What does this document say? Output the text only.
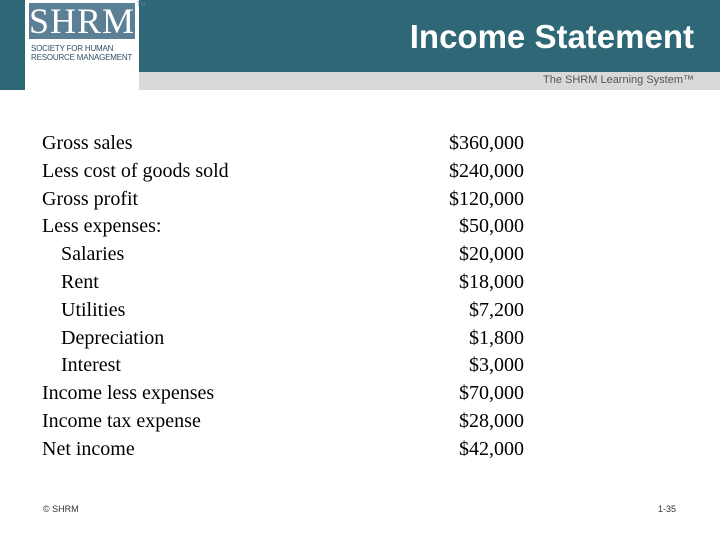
SHRM TM
SOCIETY FOR HUMAN
RESOURCE MANAGEMENT
Income Statement
The SHRM Learning System™
Gross sales	$360,000
Less cost of goods sold	$240,000
Gross profit	$120,000
Less expenses:	$50,000
Salaries	$20,000
Rent	$18,000
Utilities	$7,200
Depreciation	$1,800
Interest	$3,000
Income less expenses	$70,000
Income tax expense	$28,000
Net income	$42,000
© SHRM	1-35
